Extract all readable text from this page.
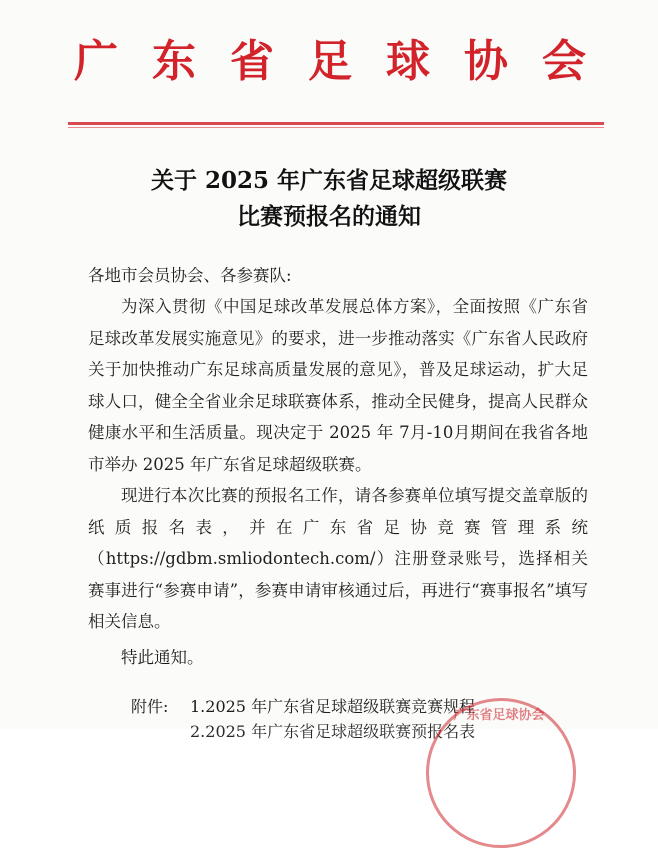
广东省足球协会
关于 2025 年广东省足球超级联赛
比赛预报名的通知
各地市会员协会、各参赛队:
为深入贯彻《中国足球改革发展总体方案》，全面按照《广东省足球改革发展实施意见》的要求，进一步推动落实《广东省人民政府关于加快推动广东足球高质量发展的意见》，普及足球运动，扩大足球人口，健全全省业余足球联赛体系，推动全民健身，提高人民群众健康水平和生活质量。现决定于 2025 年 7月-10月期间在我省各地市举办 2025 年广东省足球超级联赛。
现进行本次比赛的预报名工作，请各参赛单位填写提交盖章版的纸质报名表，并在广东省足协竞赛管理系统（https://gdbm.smliodontech.com/）注册登录账号，选择相关赛事进行“参赛申请”，参赛申请审核通过后，再进行“赛事报名”填写相关信息。
特此通知。
附件: 1.2025 年广东省足球超级联赛竞赛规程
2.2025 年广东省足球超级联赛预报名表
广东省足球协会
